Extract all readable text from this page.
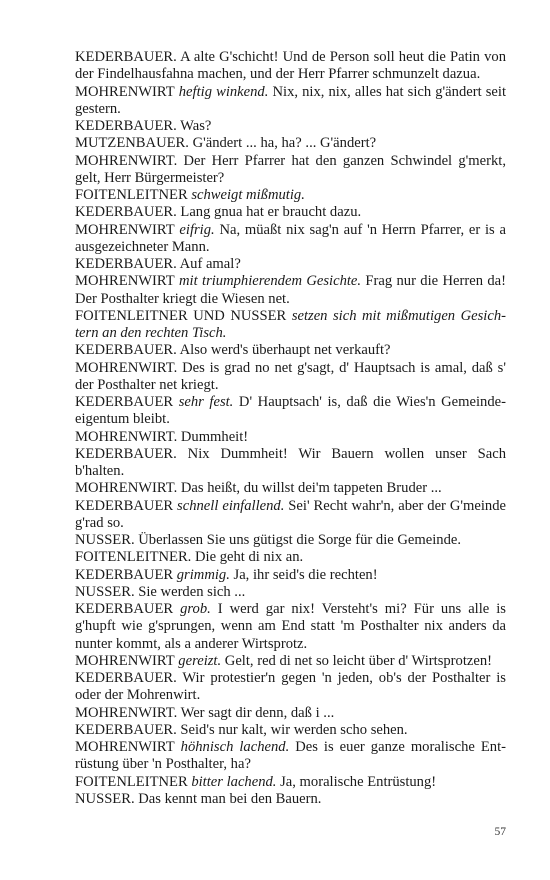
KEDERBAUER. A alte G'schicht! Und de Person soll heut die Patin von der Findelhausfahna machen, und der Herr Pfarrer schmunzelt dazua.
MOHRENWIRT heftig winkend. Nix, nix, nix, alles hat sich g'ändert seit gestern.
KEDERBAUER. Was?
MUTZENBAUER. G'ändert ... ha, ha? ... G'ändert?
MOHRENWIRT. Der Herr Pfarrer hat den ganzen Schwindel g'merkt, gelt, Herr Bürgermeister?
FOITENLEITNER schweigt mißmutig.
KEDERBAUER. Lang gnua hat er braucht dazu.
MOHRENWIRT eifrig. Na, müaßt nix sag'n auf 'n Herrn Pfarrer, er is a ausgezeichneter Mann.
KEDERBAUER. Auf amal?
MOHRENWIRT mit triumphierendem Gesichte. Frag nur die Herren da! Der Posthalter kriegt die Wiesen net.
FOITENLEITNER UND NUSSER setzen sich mit mißmutigen Gesich-tern an den rechten Tisch.
KEDERBAUER. Also werd's überhaupt net verkauft?
MOHRENWIRT. Des is grad no net g'sagt, d' Hauptsach is amal, daß s' der Posthalter net kriegt.
KEDERBAUER sehr fest. D' Hauptsach' is, daß die Wies'n Gemeinde-eigentum bleibt.
MOHRENWIRT. Dummheit!
KEDERBAUER. Nix Dummheit! Wir Bauern wollen unser Sach b'halten.
MOHRENWIRT. Das heißt, du willst dei'm tappeten Bruder ...
KEDERBAUER schnell einfallend. Sei' Recht wahr'n, aber der G'meinde g'rad so.
NUSSER. Überlassen Sie uns gütigst die Sorge für die Gemeinde.
FOITENLEITNER. Die geht di nix an.
KEDERBAUER grimmig. Ja, ihr seid's die rechten!
NUSSER. Sie werden sich ...
KEDERBAUER grob. I werd gar nix! Versteht's mi? Für uns alle is g'hupft wie g'sprungen, wenn am End statt 'm Posthalter nix anders da nunter kommt, als a anderer Wirtsprotz.
MOHRENWIRT gereizt. Gelt, red di net so leicht über d' Wirtsprotzen!
KEDERBAUER. Wir protestier'n gegen 'n jeden, ob's der Posthalter is oder der Mohrenwirt.
MOHRENWIRT. Wer sagt dir denn, daß i ...
KEDERBAUER. Seid's nur kalt, wir werden scho sehen.
MOHRENWIRT höhnisch lachend. Des is euer ganze moralische Ent-rüstung über 'n Posthalter, ha?
FOITENLEITNER bitter lachend. Ja, moralische Entrüstung!
NUSSER. Das kennt man bei den Bauern.
57
